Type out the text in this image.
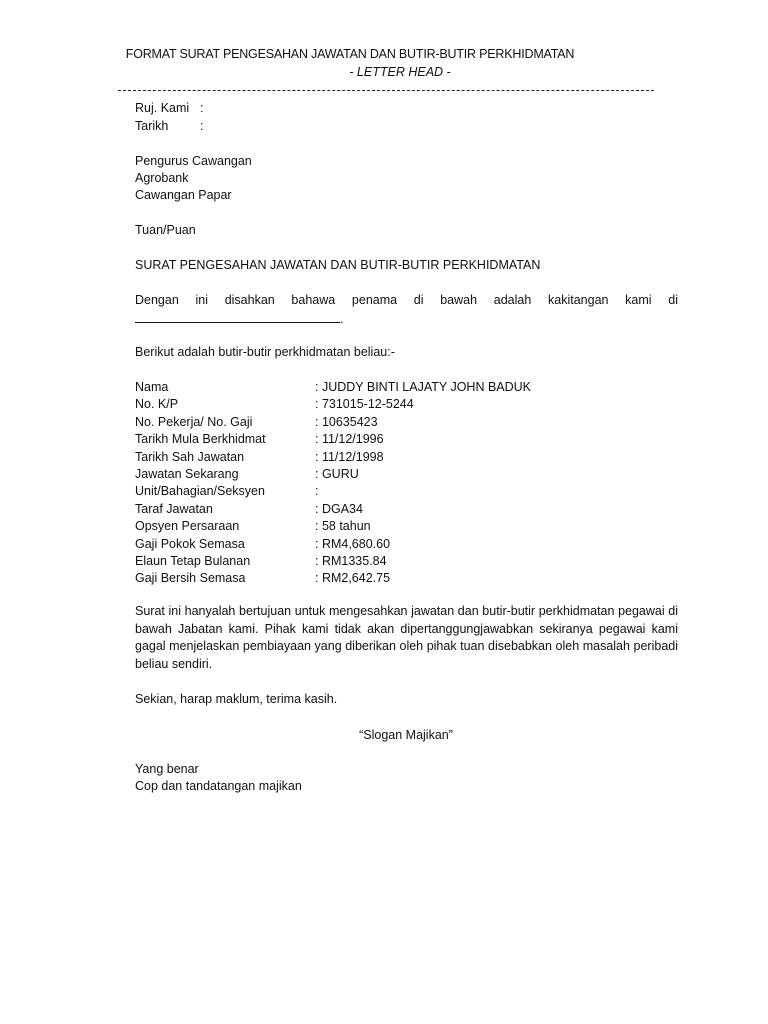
FORMAT SURAT PENGESAHAN JAWATAN DAN BUTIR-BUTIR PERKHIDMATAN
- LETTER HEAD -
Ruj. Kami :
Tarikh	:
Pengurus Cawangan
Agrobank
Cawangan Papar
Tuan/Puan
SURAT PENGESAHAN JAWATAN DAN BUTIR-BUTIR PERKHIDMATAN
Dengan ini disahkan bahawa penama di bawah adalah kakitangan kami di
.
Berikut adalah butir-butir perkhidmatan beliau:-
Nama	: JUDDY BINTI LAJATY JOHN BADUK
No. K/P	: 731015-12-5244
No. Pekerja/ No. Gaji	: 10635423
Tarikh Mula Berkhidmat	: 11/12/1996
Tarikh Sah Jawatan	: 11/12/1998
Jawatan Sekarang	: GURU
Unit/Bahagian/Seksyen	:
Taraf Jawatan	: DGA34
Opsyen Persaraan	: 58 tahun
Gaji Pokok Semasa	: RM4,680.60
Elaun Tetap Bulanan	: RM1335.84
Gaji Bersih Semasa	: RM2,642.75
Surat ini hanyalah bertujuan untuk mengesahkan jawatan dan butir-butir perkhidmatan pegawai di bawah Jabatan kami. Pihak kami tidak akan dipertanggungjawabkan sekiranya pegawai kami gagal menjelaskan pembiayaan yang diberikan oleh pihak tuan disebabkan oleh masalah peribadi beliau sendiri.
Sekian, harap maklum, terima kasih.
“Slogan Majikan”
Yang benar
Cop dan tandatangan majikan
